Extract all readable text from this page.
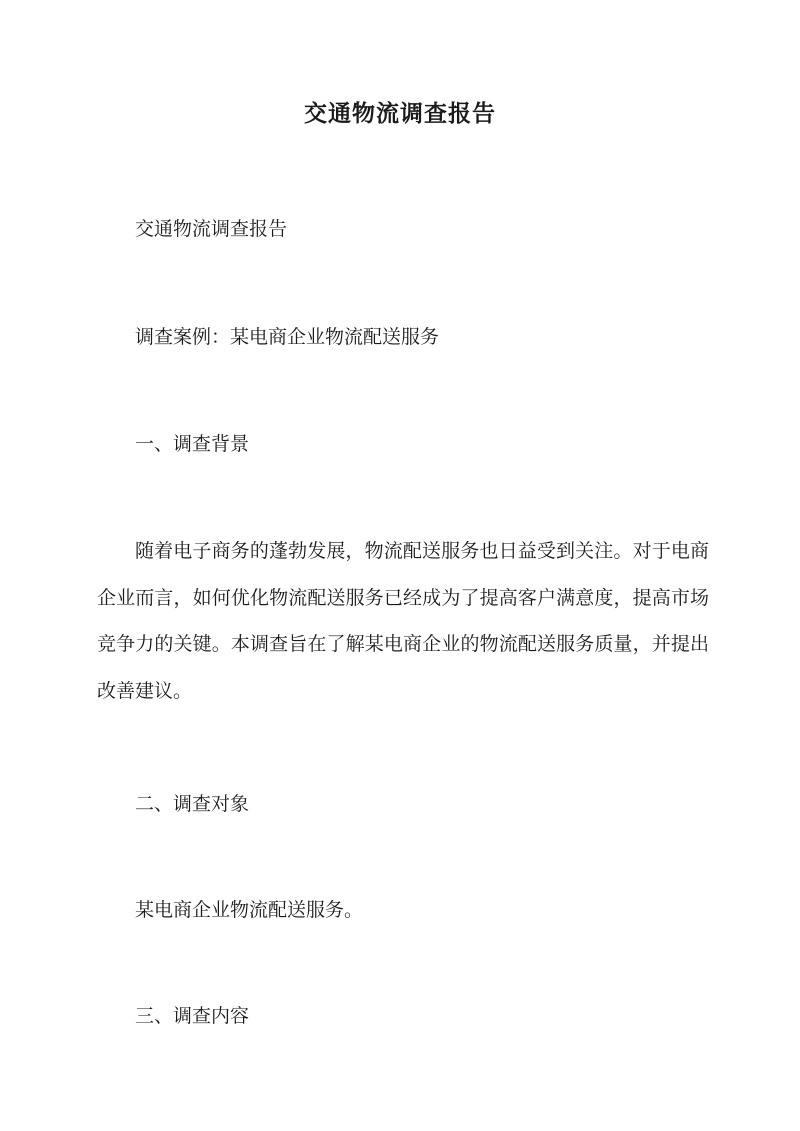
交通物流调查报告
交通物流调查报告
调查案例：某电商企业物流配送服务
一、调查背景

随着电子商务的蓬勃发展，物流配送服务也日益受到关注。对于电商企业而言，如何优化物流配送服务已经成为了提高客户满意度，提高市场竞争力的关键。本调查旨在了解某电商企业的物流配送服务质量，并提出改善建议。

二、调查对象
某电商企业物流配送服务。
三、调查内容
